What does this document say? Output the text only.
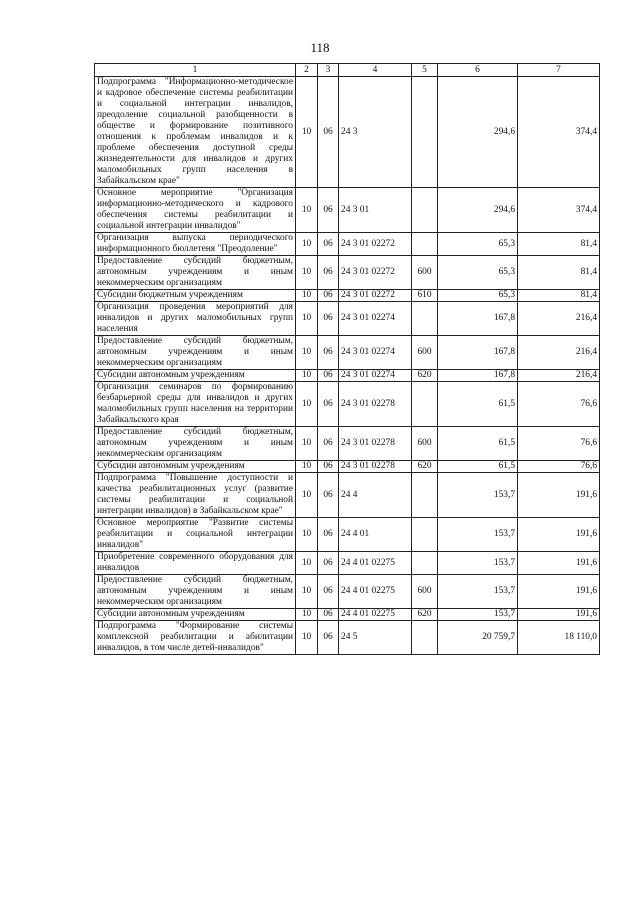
118
1	2	3	4	5	6	7
Подпрограмма "Информационно-методическое и кадровое обеспечение системы реабилитации и социальной интеграции инвалидов, преодоление социальной разобщенности в обществе и формирование позитивного отношения к проблемам инвалидов и к проблеме обеспечения доступной среды жизнедеятельности для инвалидов и других маломобильных групп населения в Забайкальском крае"	10	06	24 3		294,6	374,4
Основное мероприятие "Организация информационно-методического и кадрового обеспечения системы реабилитации и социальной интеграции инвалидов"	10	06	24 3 01		294,6	374,4
Организация выпуска периодического информационного бюллетеня "Преодоление"	10	06	24 3 01 02272		65,3	81,4
Предоставление субсидий бюджетным, автономным учреждениям и иным некоммерческим организациям	10	06	24 3 01 02272	600	65,3	81,4
Субсидии бюджетным учреждениям	10	06	24 3 01 02272	610	65,3	81,4
Организация проведения мероприятий для инвалидов и других маломобильных групп населения	10	06	24 3 01 02274		167,8	216,4
Предоставление субсидий бюджетным, автономным учреждениям и иным некоммерческим организациям	10	06	24 3 01 02274	600	167,8	216,4
Субсидии автономным учреждениям	10	06	24 3 01 02274	620	167,8	216,4
Организация семинаров по формированию безбарьерной среды для инвалидов и других маломобильных групп населения на территории Забайкальского края	10	06	24 3 01 02278		61,5	76,6
Предоставление субсидий бюджетным, автономным учреждениям и иным некоммерческим организациям	10	06	24 3 01 02278	600	61,5	76,6
Субсидии автономным учреждениям	10	06	24 3 01 02278	620	61,5	76,6
Подпрограмма "Повышение доступности и качества реабилитационных услуг (развитие системы реабилитации и социальной интеграции инвалидов) в Забайкальском крае"	10	06	24 4		153,7	191,6
Основное мероприятие "Развитие системы реабилитации и социальной интеграции инвалидов"	10	06	24 4 01		153,7	191,6
Приобретение современного оборудования для инвалидов	10	06	24 4 01 02275		153,7	191,6
Предоставление субсидий бюджетным, автономным учреждениям и иным некоммерческим организациям	10	06	24 4 01 02275	600	153,7	191,6
Субсидии автономным учреждениям	10	06	24 4 01 02275	620	153,7	191,6
Подпрограмма "Формирование системы комплексной реабилитации и абилитации инвалидов, в том числе детей-инвалидов"	10	06	24 5		20 759,7	18 110,0
